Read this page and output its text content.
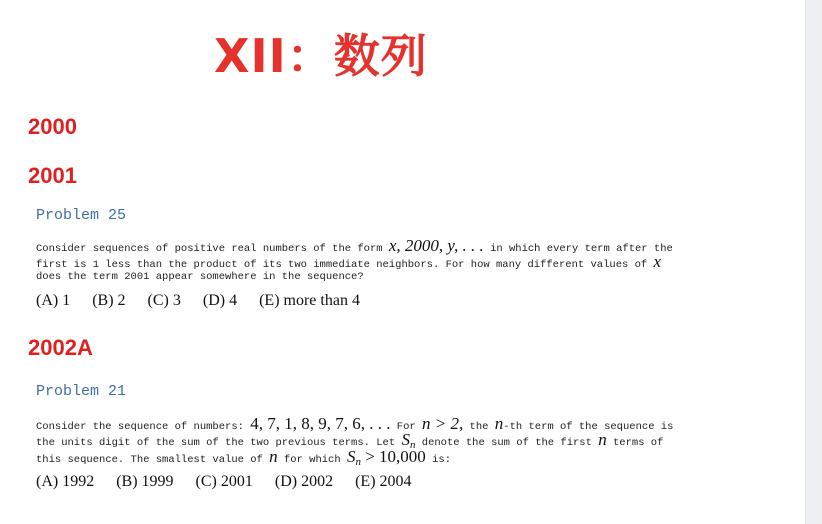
XII：数列
2000
2001
Problem 25
Consider sequences of positive real numbers of the form x, 2000, y, . . . in which every term after the first is 1 less than the product of its two immediate neighbors. For how many different values of x does the term 2001 appear somewhere in the sequence?
(A) 1 (B) 2 (C) 3 (D) 4 (E) more than 4
2002A
Problem 21
Consider the sequence of numbers: 4, 7, 1, 8, 9, 7, 6, . . . For n > 2, the n-th term of the sequence is the units digit of the sum of the two previous terms. Let $S_n$ denote the sum of the first n terms of this sequence. The smallest value of n for which $S_n > 10,000$ is:
(A) 1992 (B) 1999 (C) 2001 (D) 2002 (E) 2004
